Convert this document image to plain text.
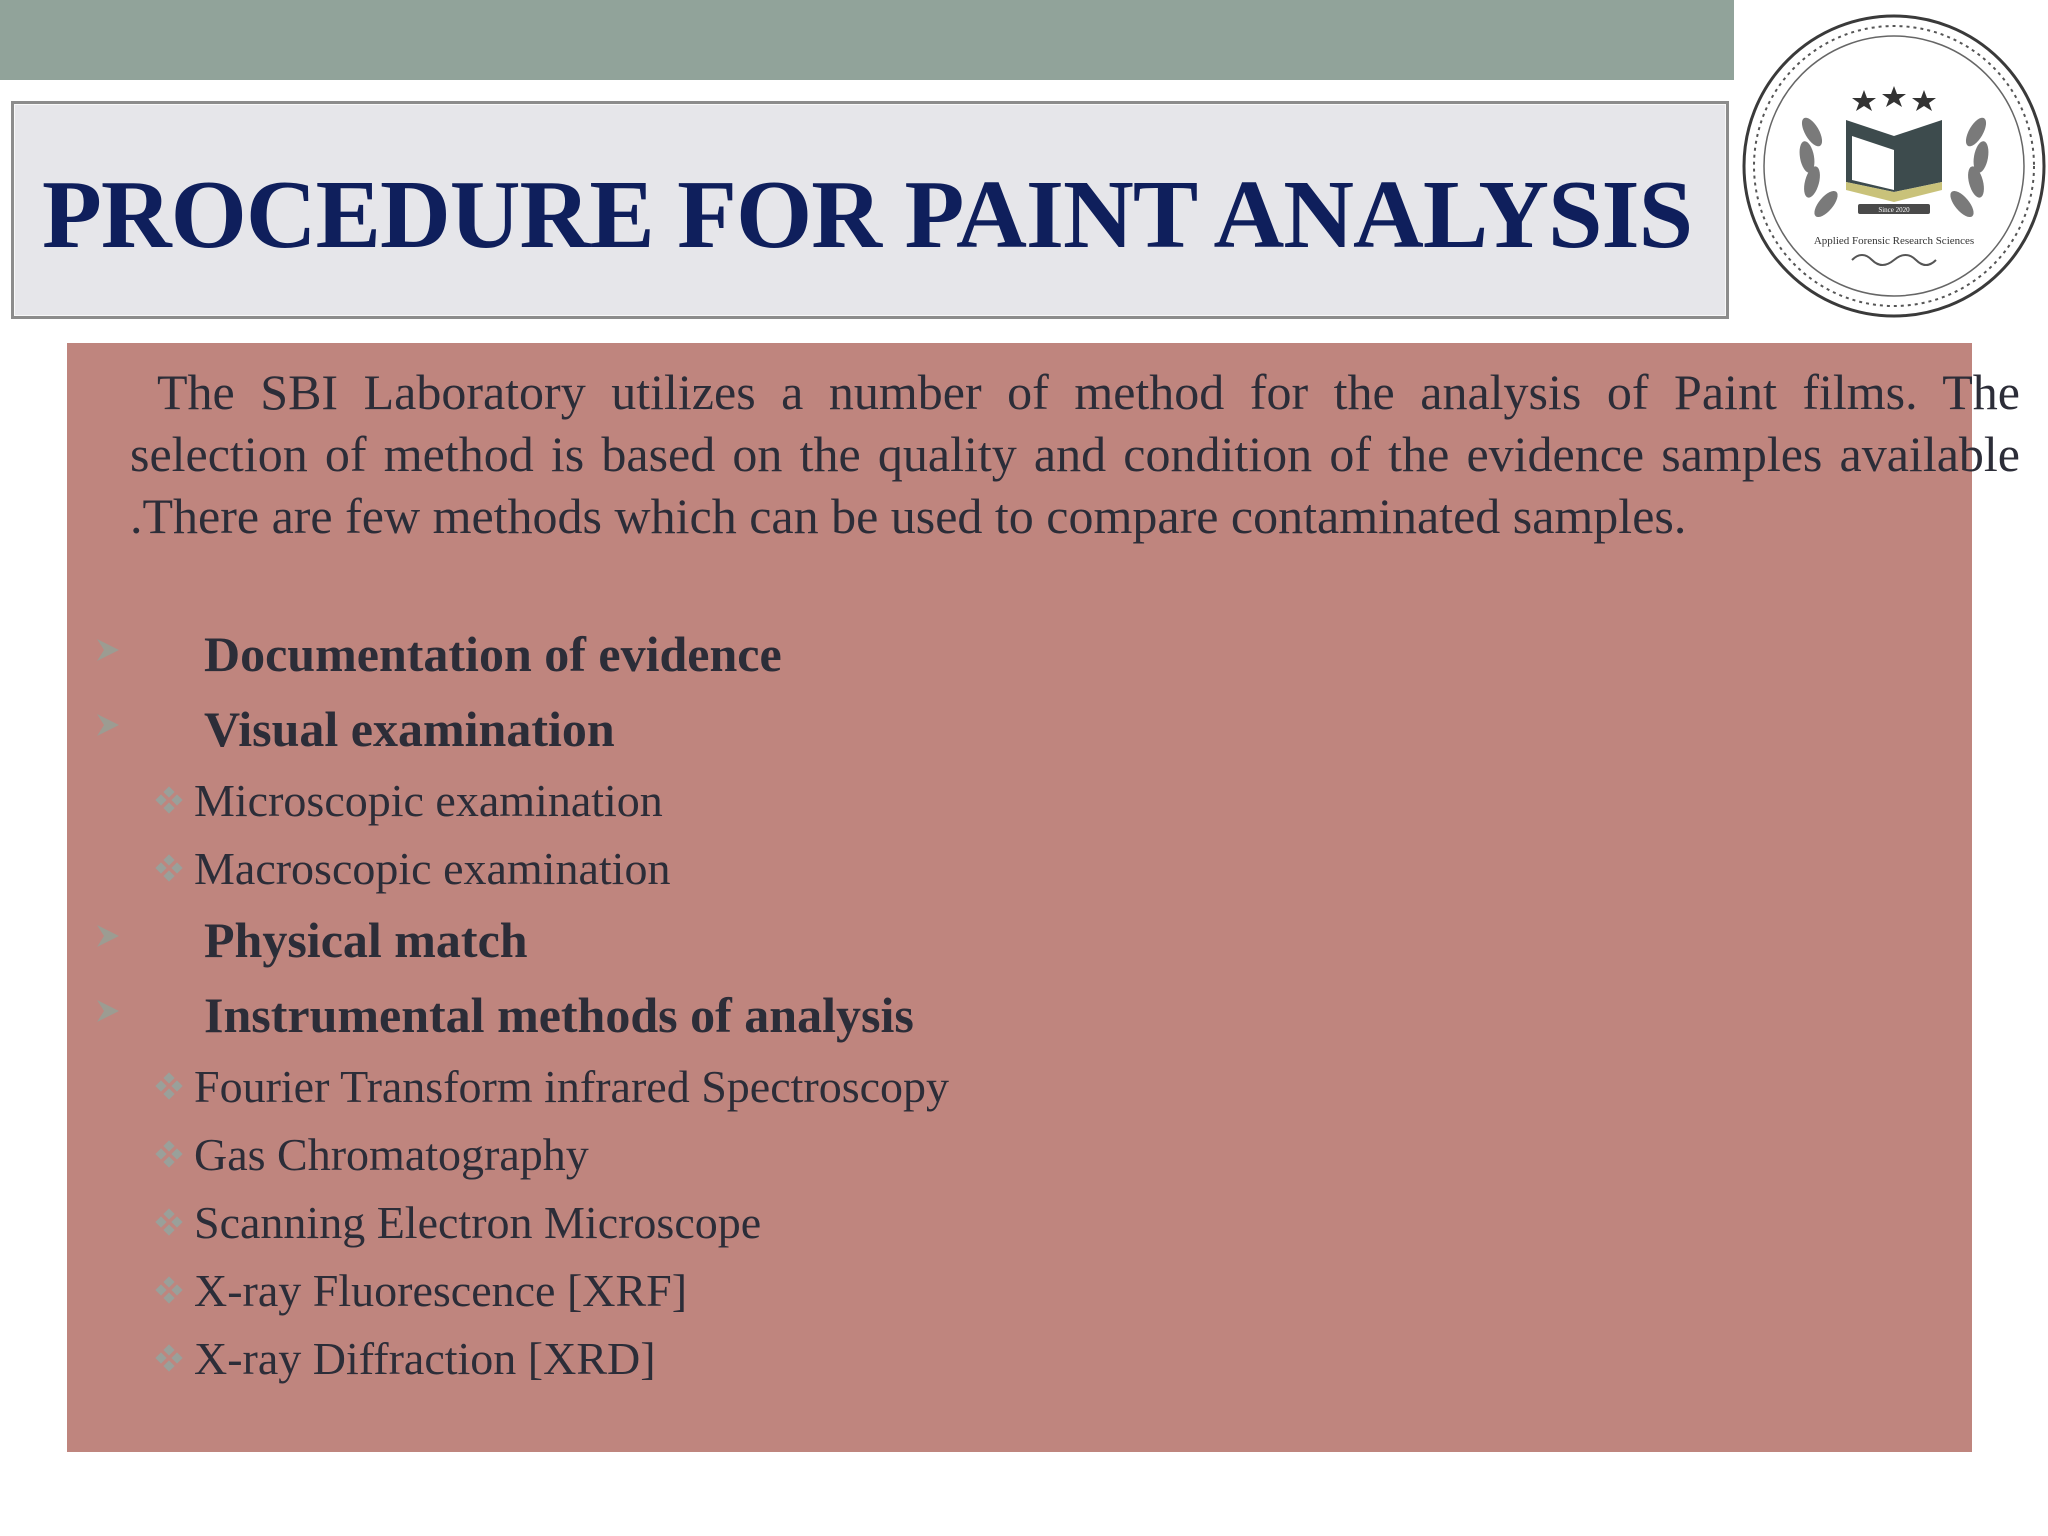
PROCEDURE FOR PAINT ANALYSIS	Since 2020
Applied Forensic Research Sciences

The SBI Laboratory utilizes a number of method for the analysis of Paint films. The selection of method is based on the quality and condition of the evidence samples available .There are few methods which can be used to compare contaminated samples.

Documentation of evidence
Visual examination
Microscopic examination
Macroscopic examination
Physical match
Instrumental methods of analysis
Fourier Transform infrared Spectroscopy
Gas Chromatography
Scanning Electron Microscope
X-ray Fluorescence [XRF]
X-ray Diffraction [XRD]
